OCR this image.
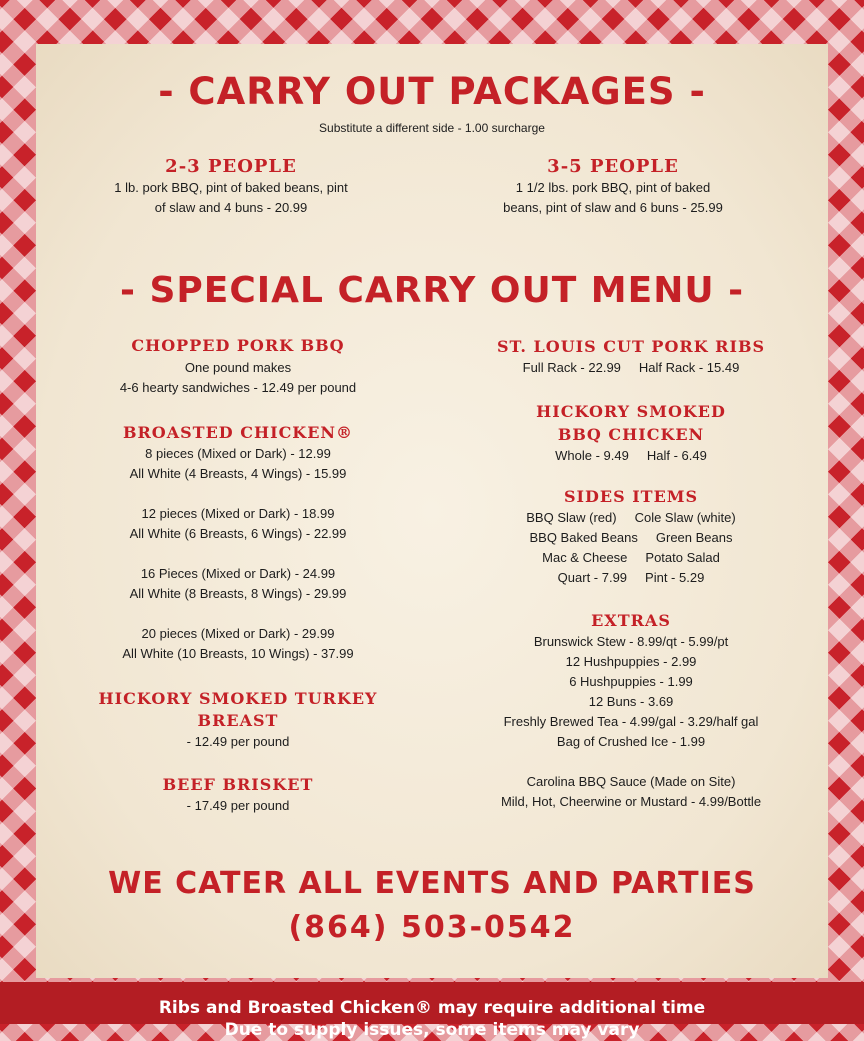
- CARRY OUT PACKAGES -
Substitute a different side - 1.00 surcharge
2-3 PEOPLE
1 lb. pork BBQ, pint of baked beans, pint
of slaw and 4 buns - 20.99
3-5 PEOPLE
1 1/2 lbs. pork BBQ, pint of baked
beans, pint of slaw and 6 buns - 25.99
- SPECIAL CARRY OUT MENU -
CHOPPED PORK BBQ
One pound makes
4-6 hearty sandwiches - 12.49 per pound
BROASTED CHICKEN®
8 pieces (Mixed or Dark) - 12.99
All White (4 Breasts, 4 Wings) - 15.99
12 pieces (Mixed or Dark) - 18.99
All White (6 Breasts, 6 Wings) - 22.99
16 Pieces (Mixed or Dark) - 24.99
All White (8 Breasts, 8 Wings) - 29.99
20 pieces (Mixed or Dark) - 29.99
All White (10 Breasts, 10 Wings) - 37.99
HICKORY SMOKED TURKEY
BREAST
- 12.49 per pound
BEEF BRISKET
- 17.49 per pound
ST. LOUIS CUT PORK RIBS
Full Rack - 22.99 Half Rack - 15.49
HICKORY SMOKED
BBQ CHICKEN
Whole - 9.49 Half - 6.49
SIDES ITEMS
BBQ Slaw (red) Cole Slaw (white)
BBQ Baked Beans Green Beans
Mac & Cheese Potato Salad
Quart - 7.99 Pint - 5.29
EXTRAS
Brunswick Stew - 8.99/qt - 5.99/pt
12 Hushpuppies - 2.99
6 Hushpuppies - 1.99
12 Buns - 3.69
Freshly Brewed Tea - 4.99/gal - 3.29/half gal
Bag of Crushed Ice - 1.99
Carolina BBQ Sauce (Made on Site)
Mild, Hot, Cheerwine or Mustard - 4.99/Bottle
WE CATER ALL EVENTS AND PARTIES
(864) 503-0542
Ribs and Broasted Chicken® may require additional time
Due to supply issues, some items may vary
